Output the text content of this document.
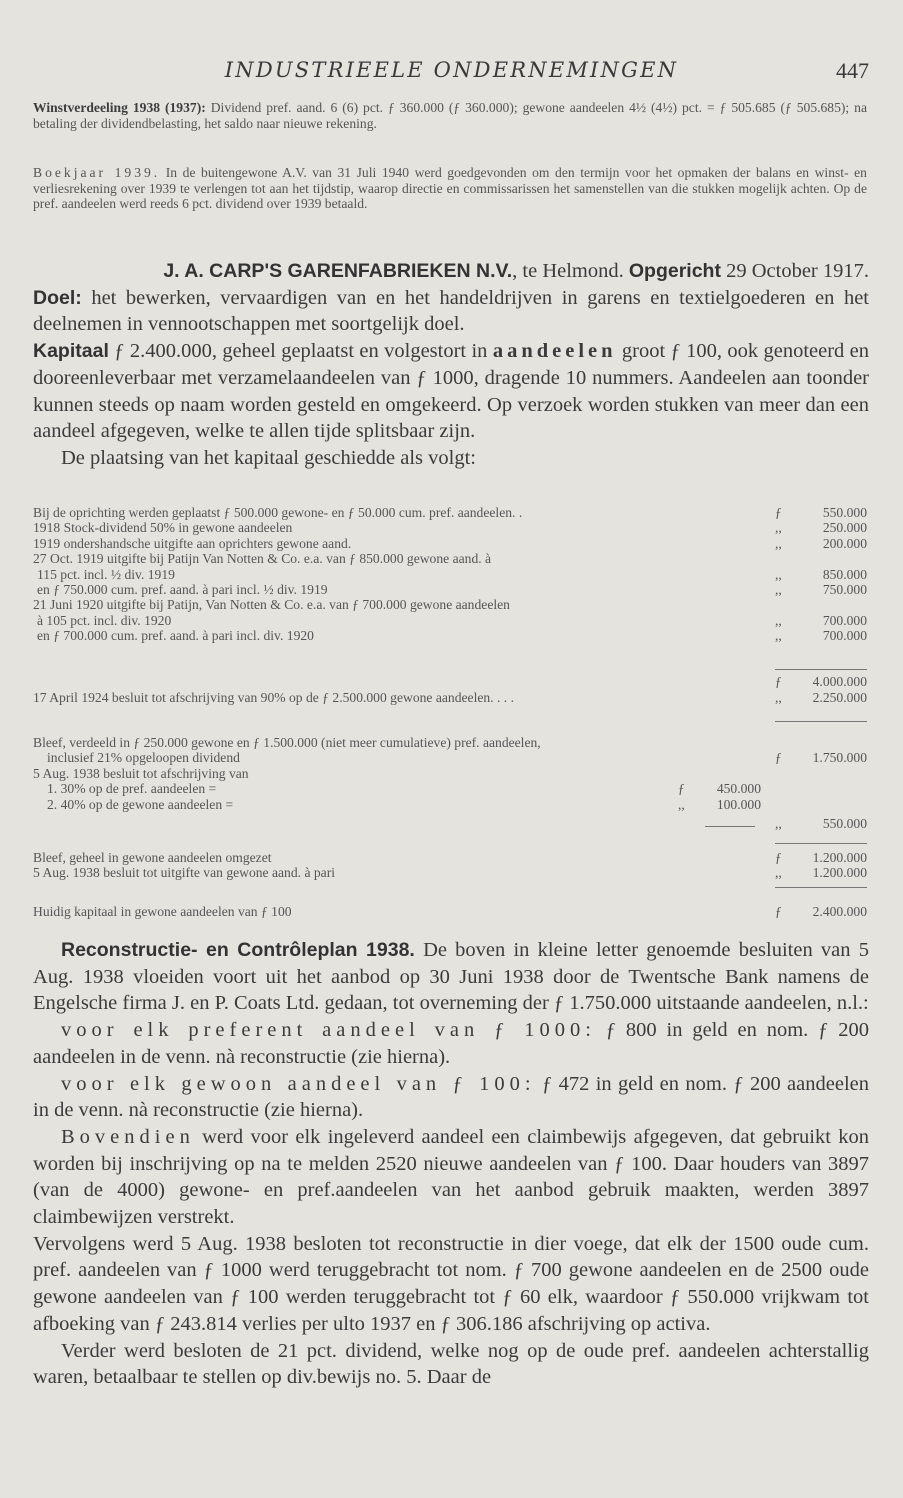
INDUSTRIEELE ONDERNEMINGEN	447
Winstverdeeling 1938 (1937): Dividend pref. aand. 6 (6) pct. ƒ 360.000 (ƒ 360.000); gewone aandeelen 4½ (4½) pct. = ƒ 505.685 (ƒ 505.685); na betaling der dividendbelasting, het saldo naar nieuwe rekening.
Boekjaar 1939. In de buitengewone A.V. van 31 Juli 1940 werd goedgevonden om den termijn voor het opmaken der balans en winst- en verliesrekening over 1939 te verlengen tot aan het tijdstip, waarop directie en commissarissen het samenstellen van die stukken mogelijk achten. Op de pref. aandeelen werd reeds 6 pct. dividend over 1939 betaald.
J. A. CARP'S GARENFABRIEKEN N.V., te Helmond. Opgericht 29 October 1917.
Doel: het bewerken, vervaardigen van en het handeldrijven in garens en textielgoederen en het deelnemen in vennootschappen met soortgelijk doel.
Kapitaal ƒ 2.400.000, geheel geplaatst en volgestort in aandeelen groot ƒ 100, ook genoteerd en dooreenleverbaar met verzamelaandeelen van ƒ 1000, dragende 10 nummers. Aandeelen aan toonder kunnen steeds op naam worden gesteld en omgekeerd. Op verzoek worden stukken van meer dan een aandeel afgegeven, welke te allen tijde splitsbaar zijn.
De plaatsing van het kapitaal geschiedde als volgt:
Bij de oprichting werden geplaatst ƒ 500.000 gewone- en ƒ 50.000 cum. pref. aandeelen. .	ƒ	550.000
1918 Stock-dividend 50% in gewone aandeelen	,,	250.000
1919 ondershandsche uitgifte aan oprichters gewone aand.	,,	200.000
27 Oct. 1919 uitgifte bij Patijn Van Notten & Co. e.a. van ƒ 850.000 gewone aand. à
115 pct. incl. ½ div. 1919	,,	850.000
en ƒ 750.000 cum. pref. aand. à pari incl. ½ div. 1919	,,	750.000
21 Juni 1920 uitgifte bij Patijn, Van Notten & Co. e.a. van ƒ 700.000 gewone aandeelen
à 105 pct. incl. div. 1920	,,	700.000
en ƒ 700.000 cum. pref. aand. à pari incl. div. 1920	,,	700.000
ƒ 4.000.000
17 April 1924 besluit tot afschrijving van 90% op de ƒ 2.500.000 gewone aandeelen. . . .	,, 2.250.000
Bleef, verdeeld in ƒ 250.000 gewone en ƒ 1.500.000 (niet meer cumulatieve) pref. aandeelen,
inclusief 21% opgeloopen dividend	ƒ 1.750.000
5 Aug. 1938 besluit tot afschrijving van
1. 30% op de pref. aandeelen =	ƒ 450.000
2. 40% op de gewone aandeelen =	,, 100.000
,,	550.000
Bleef, geheel in gewone aandeelen omgezet	ƒ 1.200.000
5 Aug. 1938 besluit tot uitgifte van gewone aand. à pari	,, 1.200.000
Huidig kapitaal in gewone aandeelen van ƒ 100	ƒ 2.400.000
Reconstructie- en Contrôleplan 1938. De boven in kleine letter genoemde besluiten van 5 Aug. 1938 vloeiden voort uit het aanbod op 30 Juni 1938 door de Twentsche Bank namens de Engelsche firma J. en P. Coats Ltd. gedaan, tot overneming der ƒ 1.750.000 uitstaande aandeelen, n.l.:
voor elk preferent aandeel van ƒ 1000: ƒ 800 in geld en nom. ƒ 200 aandeelen in de venn. nà reconstructie (zie hierna).
voor elk gewoon aandeel van ƒ 100: ƒ 472 in geld en nom. ƒ 200 aandeelen in de venn. nà reconstructie (zie hierna).
Bovendien werd voor elk ingeleverd aandeel een claimbewijs afgegeven, dat gebruikt kon worden bij inschrijving op na te melden 2520 nieuwe aandeelen van ƒ 100. Daar houders van 3897 (van de 4000) gewone- en pref.aandeelen van het aanbod gebruik maakten, werden 3897 claimbewijzen verstrekt.
Vervolgens werd 5 Aug. 1938 besloten tot reconstructie in dier voege, dat elk der 1500 oude cum. pref. aandeelen van ƒ 1000 werd teruggebracht tot nom. ƒ 700 gewone aandeelen en de 2500 oude gewone aandeelen van ƒ 100 werden teruggebracht tot ƒ 60 elk, waardoor ƒ 550.000 vrijkwam tot afboeking van ƒ 243.814 verlies per ulto 1937 en ƒ 306.186 afschrijving op activa.
Verder werd besloten de 21 pct. dividend, welke nog op de oude pref. aandeelen achterstallig waren, betaalbaar te stellen op div.bewijs no. 5. Daar de
